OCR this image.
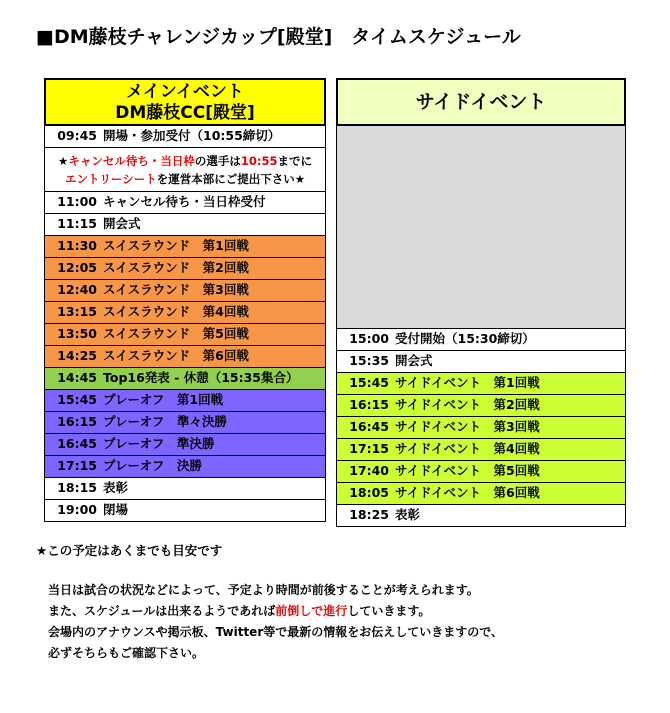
■DM藤枝チャレンジカップ[殿堂]　タイムスケジュール
メインイベント
DM藤枝CC[殿堂]
09:45 開場・参加受付（10:55締切）
★キャンセル待ち・当日枠の選手は10:55までに
エントリーシートを運営本部にご提出下さい★
11:00 キャンセル待ち・当日枠受付
11:15 開会式
11:30 スイスラウンド　第1回戦
12:05 スイスラウンド　第2回戦
12:40 スイスラウンド　第3回戦
13:15 スイスラウンド　第4回戦
13:50 スイスラウンド　第5回戦
14:25 スイスラウンド　第6回戦
14:45 Top16発表 - 休憩（15:35集合）
15:45 プレーオフ　第1回戦
16:15 プレーオフ　準々決勝
16:45 プレーオフ　準決勝
17:15 プレーオフ　決勝
18:15 表彰
19:00 閉場
サイドイベント
15:00 受付開始（15:30締切）
15:35 開会式
15:45 サイドイベント　第1回戦
16:15 サイドイベント　第2回戦
16:45 サイドイベント　第3回戦
17:15 サイドイベント　第4回戦
17:40 サイドイベント　第5回戦
18:05 サイドイベント　第6回戦
18:25 表彰
★この予定はあくまでも目安です
当日は試合の状況などによって、予定より時間が前後することが考えられます。
また、スケジュールは出来るようであれば前倒しで進行していきます。
会場内のアナウンスや掲示板、Twitter等で最新の情報をお伝えしていきますので、
必ずそちらもご確認下さい。
